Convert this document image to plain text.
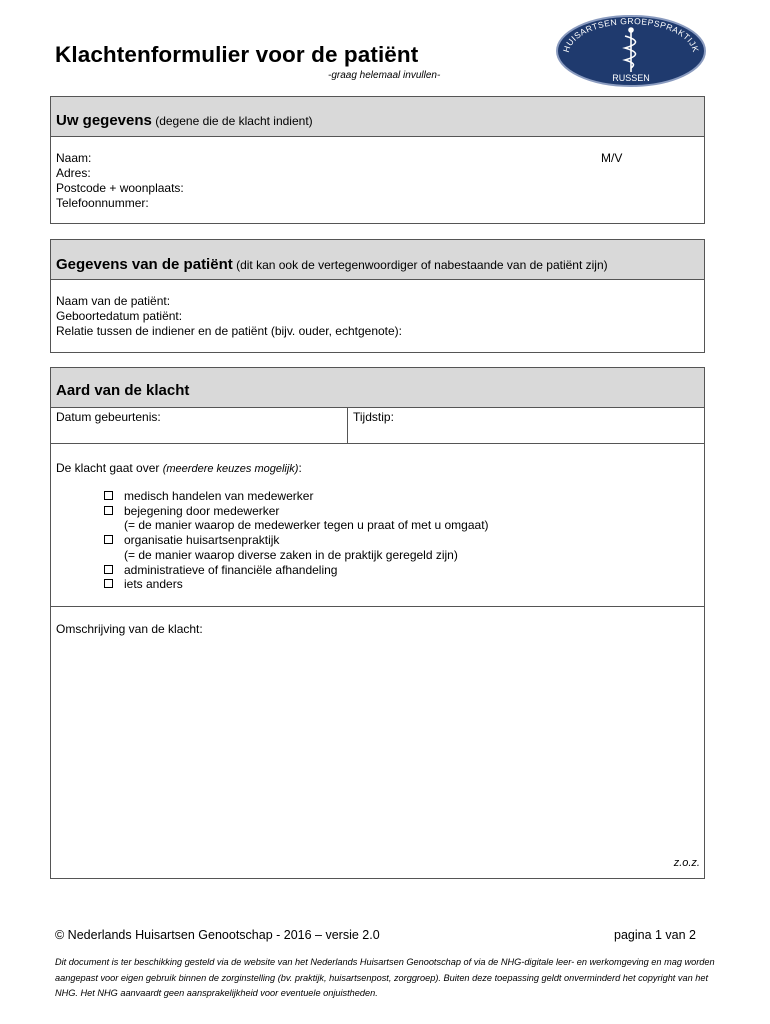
Klachtenformulier voor de patiënt
-graag helemaal invullen-
HUISARTSEN GROEPSPRAKTIJK
RUSSEN
Uw gegevens (degene die de klacht indient)
Naam:
Adres:
Postcode + woonplaats:
Telefoonnummer:
M/V
Gegevens van de patiënt (dit kan ook de vertegenwoordiger of nabestaande van de patiënt zijn)
Naam van de patiënt:
Geboortedatum patiënt:
Relatie tussen de indiener en de patiënt (bijv. ouder, echtgenote):
Aard van de klacht
Datum gebeurtenis:	Tijdstip:
De klacht gaat over (meerdere keuzes mogelijk):
medisch handelen van medewerker
bejegening door medewerker
(= de manier waarop de medewerker tegen u praat of met u omgaat)
organisatie huisartsenpraktijk
(= de manier waarop diverse zaken in de praktijk geregeld zijn)
administratieve of financiële afhandeling
iets anders
Omschrijving van de klacht:
z.o.z.
© Nederlands Huisartsen Genootschap - 2016 – versie 2.0	pagina 1 van 2
Dit document is ter beschikking gesteld via de website van het Nederlands Huisartsen Genootschap of via de NHG-digitale leer- en werkomgeving en mag worden aangepast voor eigen gebruik binnen de zorginstelling (bv. praktijk, huisartsenpost, zorggroep). Buiten deze toepassing geldt onverminderd het copyright van het NHG. Het NHG aanvaardt geen aansprakelijkheid voor eventuele onjuistheden.
